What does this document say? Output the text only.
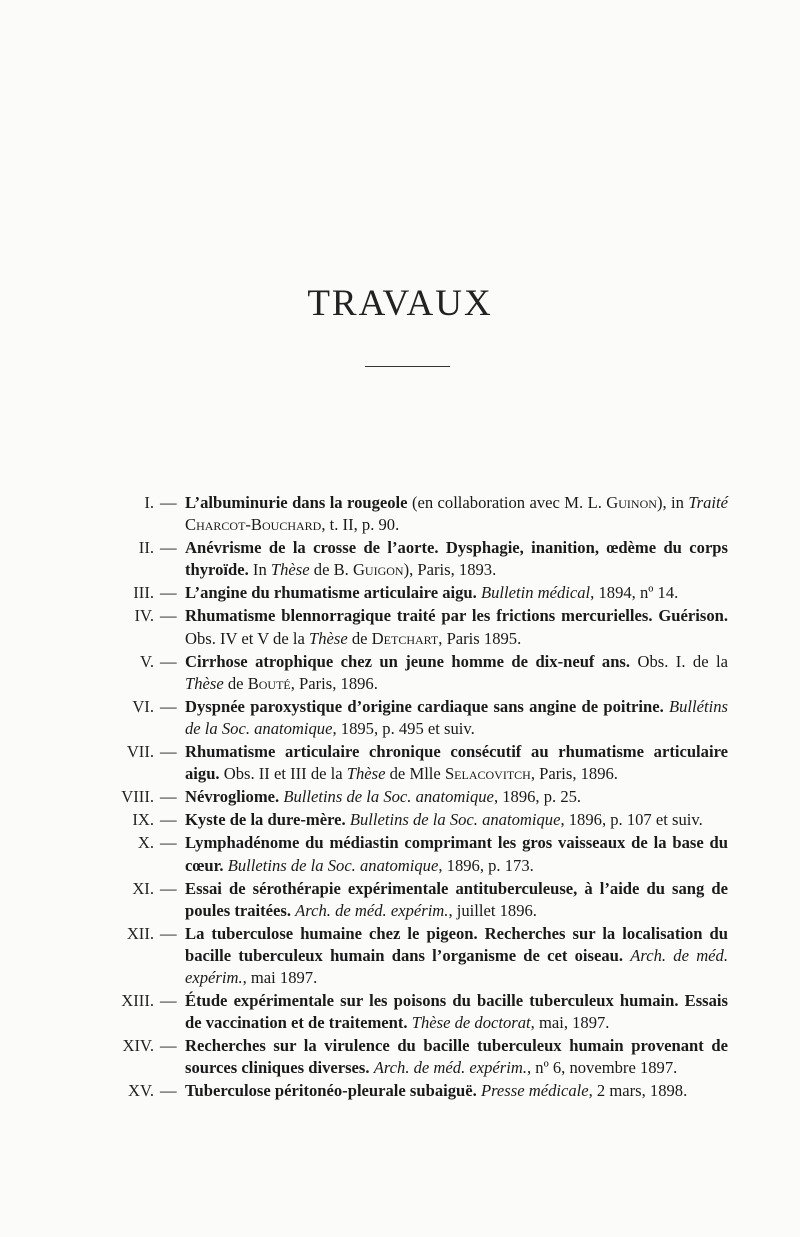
TRAVAUX
I. — L’albuminurie dans la rougeole (en collaboration avec M. L. Guinon), in Traité Charcot-Bouchard, t. II, p. 90.
II. — Anévrisme de la crosse de l’aorte. Dysphagie, inanition, œdème du corps thyroïde. In Thèse de B. Guigon), Paris, 1893.
III. — L’angine du rhumatisme articulaire aigu. Bulletin médical, 1894, nº 14.
IV. — Rhumatisme blennorragique traité par les frictions mercurielles. Guérison. Obs. IV et V de la Thèse de Detchart, Paris 1895.
V. — Cirrhose atrophique chez un jeune homme de dix-neuf ans. Obs. I. de la Thèse de Bouté, Paris, 1896.
VI. — Dyspnée paroxystique d’origine cardiaque sans angine de poitrine. Bullétins de la Soc. anatomique, 1895, p. 495 et suiv.
VII. — Rhumatisme articulaire chronique consécutif au rhumatisme articulaire aigu. Obs. II et III de la Thèse de Mlle Selacovitch, Paris, 1896.
VIII. — Névrogliome. Bulletins de la Soc. anatomique, 1896, p. 25.
IX. — Kyste de la dure-mère. Bulletins de la Soc. anatomique, 1896, p. 107 et suiv.
X. — Lymphadénome du médiastin comprimant les gros vaisseaux de la base du cœur. Bulletins de la Soc. anatomique, 1896, p. 173.
XI. — Essai de sérothérapie expérimentale antituberculeuse, à l’aide du sang de poules traitées. Arch. de méd. expérim., juillet 1896.
XII. — La tuberculose humaine chez le pigeon. Recherches sur la localisation du bacille tuberculeux humain dans l’organisme de cet oiseau. Arch. de méd. expérim., mai 1897.
XIII. — Étude expérimentale sur les poisons du bacille tuberculeux humain. Essais de vaccination et de traitement. Thèse de doctorat, mai, 1897.
XIV. — Recherches sur la virulence du bacille tuberculeux humain provenant de sources cliniques diverses. Arch. de méd. expérim., nº 6, novembre 1897.
XV. — Tuberculose péritonéo-pleurale subaiguë. Presse médicale, 2 mars, 1898.
